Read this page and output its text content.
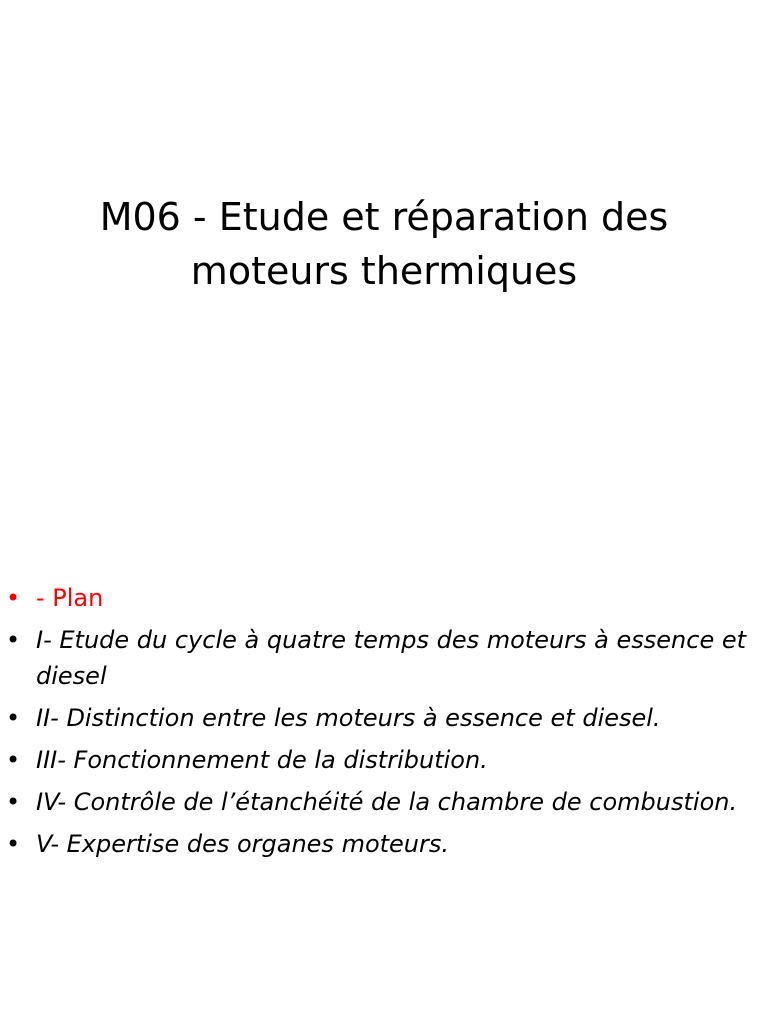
M06 - Etude et réparation des
moteurs thermiques
• - Plan
• I- Etude du cycle à quatre temps des moteurs à essence et diesel
• II- Distinction entre les moteurs à essence et diesel.
• III- Fonctionnement de la distribution.
• IV- Contrôle de l’étanchéité de la chambre de combustion.
• V- Expertise des organes moteurs.
